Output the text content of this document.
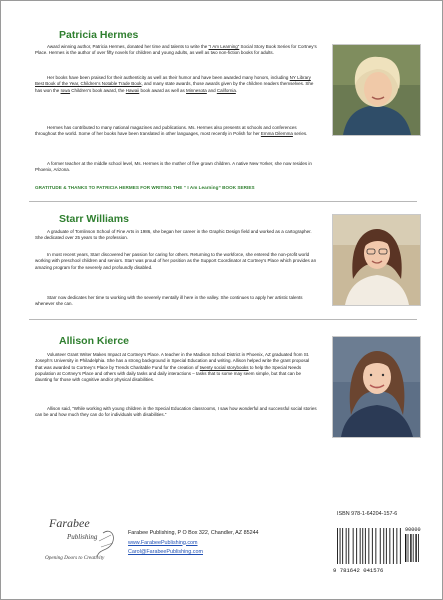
Patricia Hermes

Award winning author, Patricia Hermes, donated her time and talents to write the “I Am Learning” Social Story Book Series for Cortney’s Place. Hermes is the author of over fifty novels for children and young adults, as well as two non-fiction books for adults.

Her books have been praised for their authenticity as well as their humor and have been awarded many honors, including NY Library Best Book of the Year, Children’s Notable Trade Book, and many state awards, those awards given by the children readers themselves. She has won the Iowa Children’s book award, the Hawaii book award as well as Minnesota and California.

Hermes has contributed to many national magazines and publications. Ms. Hermes also presents at schools and conferences throughout the world. Some of her books have been translated in other languages, most recently in Polish for her Emma Dilemma series.

A former teacher at the middle school level, Ms. Hermes is the mother of five grown children. A native New Yorker, she now resides in Phoenix, Arizona.

GRATITUDE & THANKS TO PATRICIA HERMES FOR WRITING THE “ I Am Learning” BOOK SERIES
Starr Williams

A graduate of Tomlinson School of Fine Arts in 1986, she began her career in the Graphic Design field and worked as a cartographer. She dedicated over 25 years to the profession.

In most recent years, Starr discovered her passion for caring for others. Returning to the workforce, she entered the non-profit world working with preschool children and seniors. Starr was proud of her position as the Support Coordinator at Cortney’s Place which provides an amazing program for the severely and profoundly disabled.

Starr now dedicates her time to working with the severely mentally ill here in the valley. She continues to apply her artistic talents whenever she can.

Allison Kierce

Volunteer Grant Writer Makes Impact at Cortney’s Place. A teacher in the Madison School District in Phoenix, AZ graduated from St. Joseph’s University in Philadelphia. She has a strong background in Special Education and writing. Allison helped write the grant proposal that was awarded to Cortney’s Place by Trends Charitable Fund for the creation of twenty social storybooks to help the Special Needs population at Cortney’s Place and others with daily tasks and daily interactions – tasks that to some may seem simple, but that can be daunting for those with cognitive and/or physical disabilities.

Allison said, “While working with young children in the Special Education classrooms, I saw how wonderful and successful social stories can be and how much they can do for individuals with disabilities.”

Farabee
Publishing
Opening Doors to Creativity
Farabee Publishing, P O Box 322, Chandler, AZ 85244
www.FarabeePublishing.com
Carol@FarabeePublishing.com
ISBN 978-1-64204-157-6
9 781642 041576
90000
